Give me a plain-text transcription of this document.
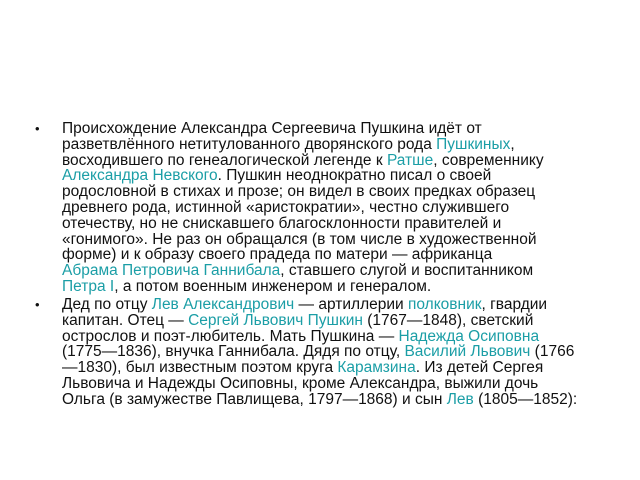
• Происхождение Александра Сергеевича Пушкина идёт от
разветвлённого нетитулованного дворянского рода Пушкиных,
восходившего по генеалогической легенде к Ратше, современнику
Александра Невского. Пушкин неоднократно писал о своей
родословной в стихах и прозе; он видел в своих предках образец
древнего рода, истинной «аристократии», честно служившего
отечеству, но не снискавшего благосклонности правителей и
«гонимого». Не раз он обращался (в том числе в художественной
форме) и к образу своего прадеда по матери — африканца
Абрама Петровича Ганнибала, ставшего слугой и воспитанником
Петра I, а потом военным инженером и генералом.
• Дед по отцу Лев Александрович — артиллерии полковник, гвардии
капитан. Отец — Сергей Львович Пушкин (1767—1848), светский
острослов и поэт-любитель. Мать Пушкина — Надежда Осиповна
(1775—1836), внучка Ганнибала. Дядя по отцу, Василий Львович (1766
—1830), был известным поэтом круга Карамзина. Из детей Сергея
Львовича и Надежды Осиповны, кроме Александра, выжили дочь
Ольга (в замужестве Павлищева, 1797—1868) и сын Лев (1805—1852):
